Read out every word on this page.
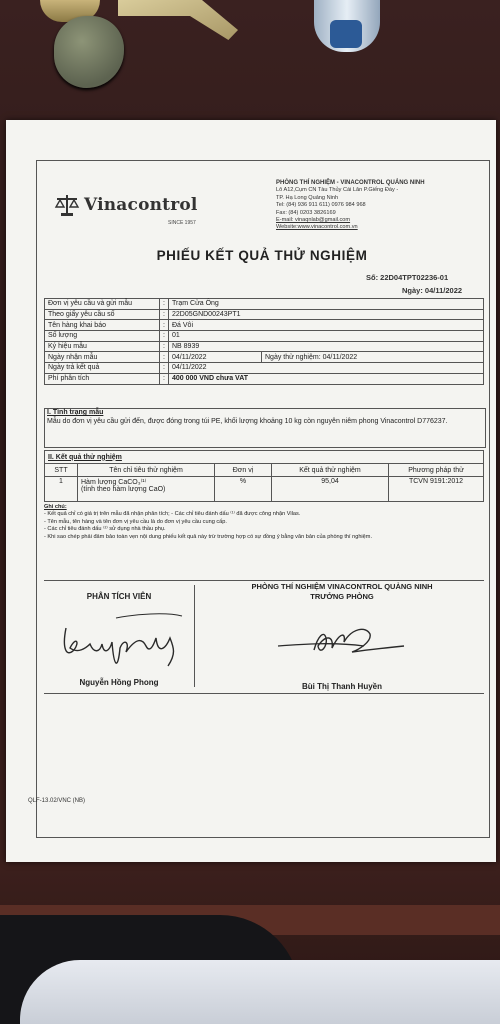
Vinacontrol
SINCE 1957
PHÒNG THÍ NGHIỆM - VINACONTROL QUẢNG NINH
Lô A12,Cụm CN Tàu Thủy Cái Lân P.Giếng Đáy -
TP. Hạ Long Quảng Ninh
Tel: (84) 936 911 611) 0976 984 968
Fax: (84) 0203 3826169
E-mail: vinaqnlab@gmail.com
Website:www.vinacontrol.com.vn
PHIẾU KẾT QUẢ THỬ NGHIỆM
Số: 22D04TPT02236-01
Ngày: 04/11/2022
Đơn vị yêu cầu và gửi mẫu	:	Trạm Cửa Ông	
Theo giấy yêu cầu số	:	22D05GND00243PT1	
Tên hàng khai báo	:	Đá Vôi	
Số lượng	:	01	
Ký hiệu mẫu	:	NB 8939	
Ngày nhận mẫu	:	04/11/2022	Ngày thử nghiệm: 04/11/2022
Ngày trả kết quả	:	04/11/2022	
Phí phân tích	:	400 000 VND chưa VAT	
I. Tình trạng mẫu
Mẫu do đơn vị yêu cầu gửi đến, được đóng trong túi PE, khối lượng khoảng 10 kg còn nguyên niêm phong Vinacontrol D776237.
II. Kết quả thử nghiệm				
STT	Tên chỉ tiêu thử nghiệm	Đơn vị	Kết quả thử nghiệm	Phương pháp thử
1	Hàm lượng CaCO₃⁽¹⁾
(tính theo hàm lượng CaO)	%	95,04	TCVN 9191:2012
Ghi chú:
- Kết quả chỉ có giá trị trên mẫu đã nhận phân tích; - Các chỉ tiêu đánh dấu ⁽¹⁾ đã được công nhận Vilas.
- Tên mẫu, tên hàng và tên đơn vị yêu cầu là do đơn vị yêu cầu cung cấp.
- Các chỉ tiêu đánh dấu ⁽²⁾ sử dụng nhà thầu phụ.
- Khi sao chép phải đảm bảo toàn vẹn nội dung phiếu kết quả này trừ trường hợp có sự đồng ý bằng văn bản của phòng thí nghiệm.
PHÂN TÍCH VIÊN
Nguyễn Hồng Phong
PHÒNG THÍ NGHIỆM VINACONTROL QUẢNG NINH
TRƯỞNG PHÒNG
Bùi Thị Thanh Huyền
QLF-13.02/VNC (NB)
